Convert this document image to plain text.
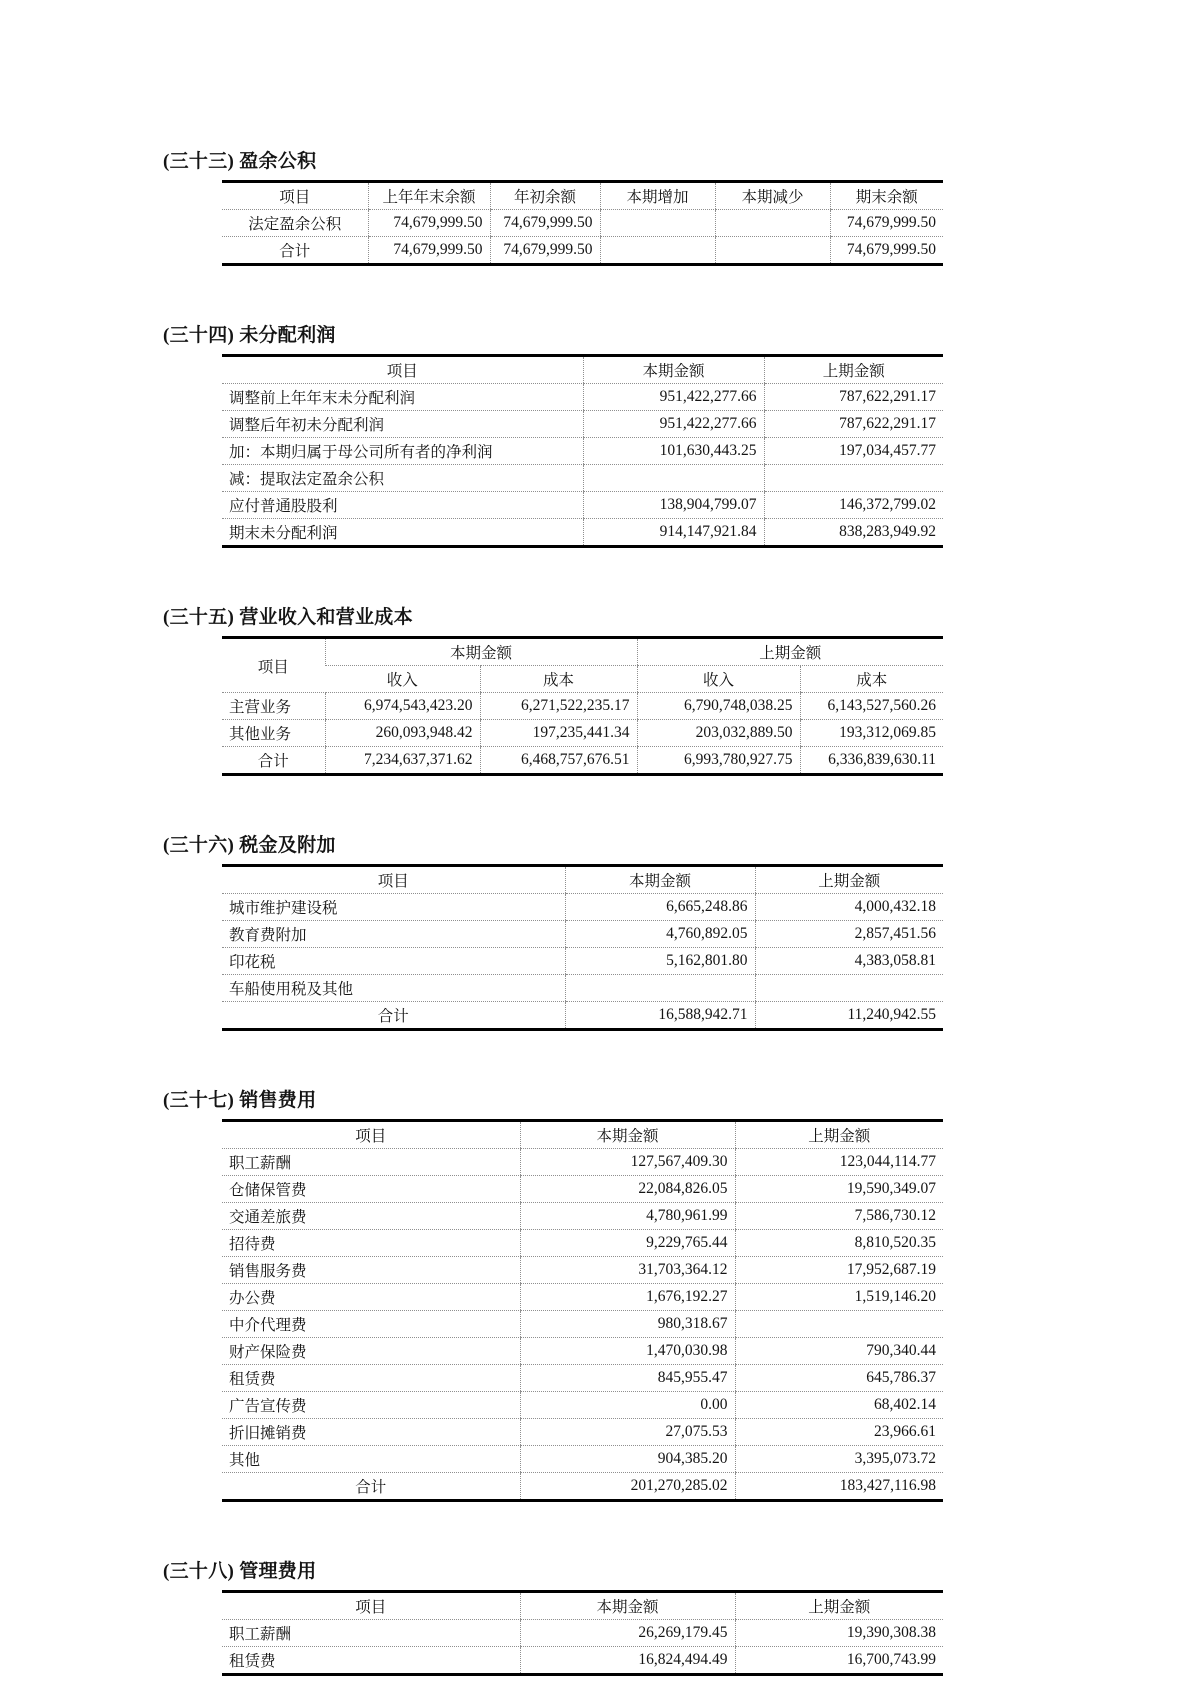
(三十三) 盈余公积
项目	上年年末余额	年初余额	本期增加	本期减少	期末余额
法定盈余公积	74,679,999.50	74,679,999.50			74,679,999.50
合计	74,679,999.50	74,679,999.50			74,679,999.50
(三十四) 未分配利润
项目	本期金额	上期金额
调整前上年年末未分配利润	951,422,277.66	787,622,291.17
调整后年初未分配利润	951,422,277.66	787,622,291.17
加：本期归属于母公司所有者的净利润	101,630,443.25	197,034,457.77
减：提取法定盈余公积		
应付普通股股利	138,904,799.07	146,372,799.02
期末未分配利润	914,147,921.84	838,283,949.92
(三十五) 营业收入和营业成本
项目	本期金额		上期金额	
	收入	成本	收入	成本
主营业务	6,974,543,423.20	6,271,522,235.17	6,790,748,038.25	6,143,527,560.26
其他业务	260,093,948.42	197,235,441.34	203,032,889.50	193,312,069.85
合计	7,234,637,371.62	6,468,757,676.51	6,993,780,927.75	6,336,839,630.11
(三十六) 税金及附加
项目	本期金额	上期金额
城市维护建设税	6,665,248.86	4,000,432.18
教育费附加	4,760,892.05	2,857,451.56
印花税	5,162,801.80	4,383,058.81
车船使用税及其他		
合计	16,588,942.71	11,240,942.55
(三十七) 销售费用
项目	本期金额	上期金额
职工薪酬	127,567,409.30	123,044,114.77
仓储保管费	22,084,826.05	19,590,349.07
交通差旅费	4,780,961.99	7,586,730.12
招待费	9,229,765.44	8,810,520.35
销售服务费	31,703,364.12	17,952,687.19
办公费	1,676,192.27	1,519,146.20
中介代理费	980,318.67	
财产保险费	1,470,030.98	790,340.44
租赁费	845,955.47	645,786.37
广告宣传费	0.00	68,402.14
折旧摊销费	27,075.53	23,966.61
其他	904,385.20	3,395,073.72
合计	201,270,285.02	183,427,116.98
(三十八) 管理费用
项目	本期金额	上期金额
职工薪酬	26,269,179.45	19,390,308.38
租赁费	16,824,494.49	16,700,743.99
